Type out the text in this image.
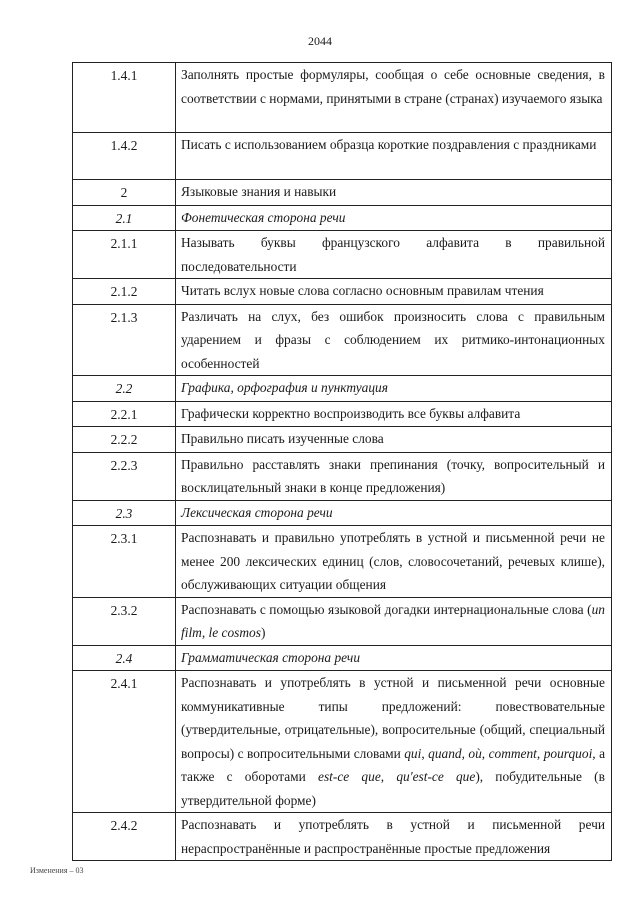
2044
1.4.1	Заполнять простые формуляры, сообщая о себе основные сведения, в соответствии с нормами, принятыми в стране (странах) изучаемого языка
1.4.2	Писать с использованием образца короткие поздравления с праздниками
2	Языковые знания и навыки
2.1	Фонетическая сторона речи
2.1.1	Называть буквы французского алфавита в правильной последовательности
2.1.2	Читать вслух новые слова согласно основным правилам чтения
2.1.3	Различать на слух, без ошибок произносить слова с правильным ударением и фразы с соблюдением их ритмико-интонационных особенностей
2.2	Графика, орфография и пунктуация
2.2.1	Графически корректно воспроизводить все буквы алфавита
2.2.2	Правильно писать изученные слова
2.2.3	Правильно расставлять знаки препинания (точку, вопросительный и восклицательный знаки в конце предложения)
2.3	Лексическая сторона речи
2.3.1	Распознавать и правильно употреблять в устной и письменной речи не менее 200 лексических единиц (слов, словосочетаний, речевых клише), обслуживающих ситуации общения
2.3.2	Распознавать с помощью языковой догадки интернациональные слова (un film, le cosmos)
2.4	Грамматическая сторона речи
2.4.1	Распознавать и употреблять в устной и письменной речи основные коммуникативные типы предложений: повествовательные (утвердительные, отрицательные), вопросительные (общий, специальный вопросы) с вопросительными словами qui, quand, où, comment, pourquoi, а также с оборотами est-ce que, qu'est-ce que), побудительные (в утвердительной форме)
2.4.2	Распознавать и употреблять в устной и письменной речи нераспространённые и распространённые простые предложения
Изменения – 03
